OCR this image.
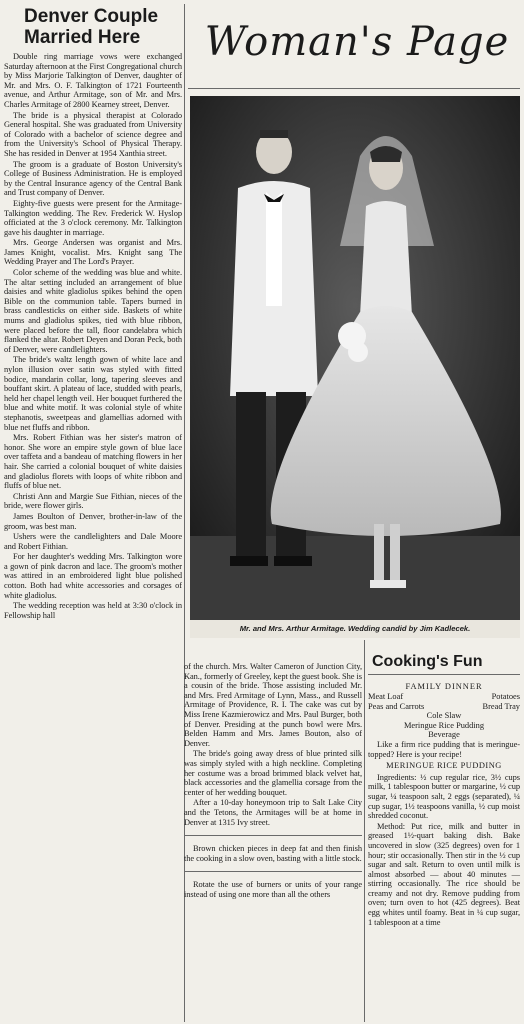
Denver Couple Married Here

Double ring marriage vows were exchanged Saturday afternoon at the First Congregational church by Miss Marjorie Talkington of Denver, daughter of Mr. and Mrs. O. F. Talkington of 1721 Fourteenth avenue, and Arthur Armitage, son of Mr. and Mrs. Charles Armitage of 2800 Kearney street, Denver.

The bride is a physical therapist at Colorado General hospital. She was graduated from University of Colorado with a bachelor of science degree and from the University's School of Physical Therapy. She has resided in Denver at 1954 Xanthia street.

The groom is a graduate of Boston University's College of Business Administration. He is employed by the Central Insurance agency of the Central Bank and Trust company of Denver.

Eighty-five guests were present for the Armitage-Talkington wedding. The Rev. Frederick W. Hyslop officiated at the 3 o'clock ceremony. Mr. Talkington gave his daughter in marriage.

Mrs. George Andersen was organist and Mrs. James Knight, vocalist. Mrs. Knight sang The Wedding Prayer and The Lord's Prayer.

Color scheme of the wedding was blue and white. The altar setting included an arrangement of blue daisies and white gladiolus spikes behind the open Bible on the communion table. Tapers burned in brass candlesticks on either side. Baskets of white mums and gladiolus spikes, tied with blue ribbon, were placed before the tall, floor candelabra which flanked the altar. Robert Deyen and Doran Peck, both of Denver, were candlelighters.

The bride's waltz length gown of white lace and nylon illusion over satin was styled with fitted bodice, mandarin collar, long, tapering sleeves and bouffant skirt. A plateau of lace, studded with pearls, held her chapel length veil. Her bouquet furthered the blue and white motif. It was colonial style of white stephanotis, sweetpeas and glamellias adorned with blue net fluffs and ribbon.

Mrs. Robert Fithian was her sister's matron of honor. She wore an empire style gown of blue lace over taffeta and a bandeau of matching flowers in her hair. She carried a colonial bouquet of white daisies and gladiolus florets with loops of white ribbon and fluffs of blue net.

Christi Ann and Margie Sue Fithian, nieces of the bride, were flower girls.

James Boulton of Denver, brother-in-law of the groom, was best man.

Ushers were the candlelighters and Dale Moore and Robert Fithian.

For her daughter's wedding Mrs. Talkington wore a gown of pink dacron and lace. The groom's mother was attired in an embroidered light blue polished cotton. Both had white accessories and corsages of white gladiolus.

The wedding reception was held at 3:30 o'clock in Fellowship hall

Woman's Page
Mr. and Mrs. Arthur Armitage. Wedding candid by Jim Kadlecek.

of the church. Mrs. Walter Cameron of Junction City, Kan., formerly of Greeley, kept the guest book. She is a cousin of the bride. Those assisting included Mr. and Mrs. Fred Armitage of Lynn, Mass., and Russell Armitage of Providence, R. I. The cake was cut by Miss Irene Kazmierowicz and Mrs. Paul Burger, both of Denver. Presiding at the punch bowl were Mrs. Belden Hamm and Mrs. James Bouton, also of Denver.

The bride's going away dress of blue printed silk was simply styled with a high neckline. Completing her costume was a broad brimmed black velvet hat, black accessories and the glamellia corsage from the center of her wedding bouquet.

After a 10-day honeymoon trip to Salt Lake City and the Tetons, the Armitages will be at home in Denver at 1315 Ivy street.

Brown chicken pieces in deep fat and then finish the cooking in a slow oven, basting with a little stock.

Rotate the use of burners or units of your range instead of using one more than all the others

Cooking's Fun
FAMILY DINNER
Meat Loaf	Potatoes
Peas and Carrots	Bread Tray
Cole Slaw
Meringue Rice Pudding
Beverage

Like a firm rice pudding that is meringue-topped? Here is your recipe!

MERINGUE RICE PUDDING

Ingredients: ½ cup regular rice, 3½ cups milk, 1 tablespoon butter or margarine, ½ cup sugar, ¼ teaspoon salt, 2 eggs (separated), ¼ cup sugar, 1½ teaspoons vanilla, ½ cup moist shredded coconut.

Method: Put rice, milk and butter in greased 1½-quart baking dish. Bake uncovered in slow (325 degrees) oven for 1 hour; stir occasionally. Then stir in the ½ cup sugar and salt. Return to oven until milk is almost absorbed — about 40 minutes — stirring occasionally. The rice should be creamy and not dry. Remove pudding from oven; turn oven to hot (425 degrees). Beat egg whites until foamy. Beat in ¼ cup sugar, 1 tablespoon at a time
